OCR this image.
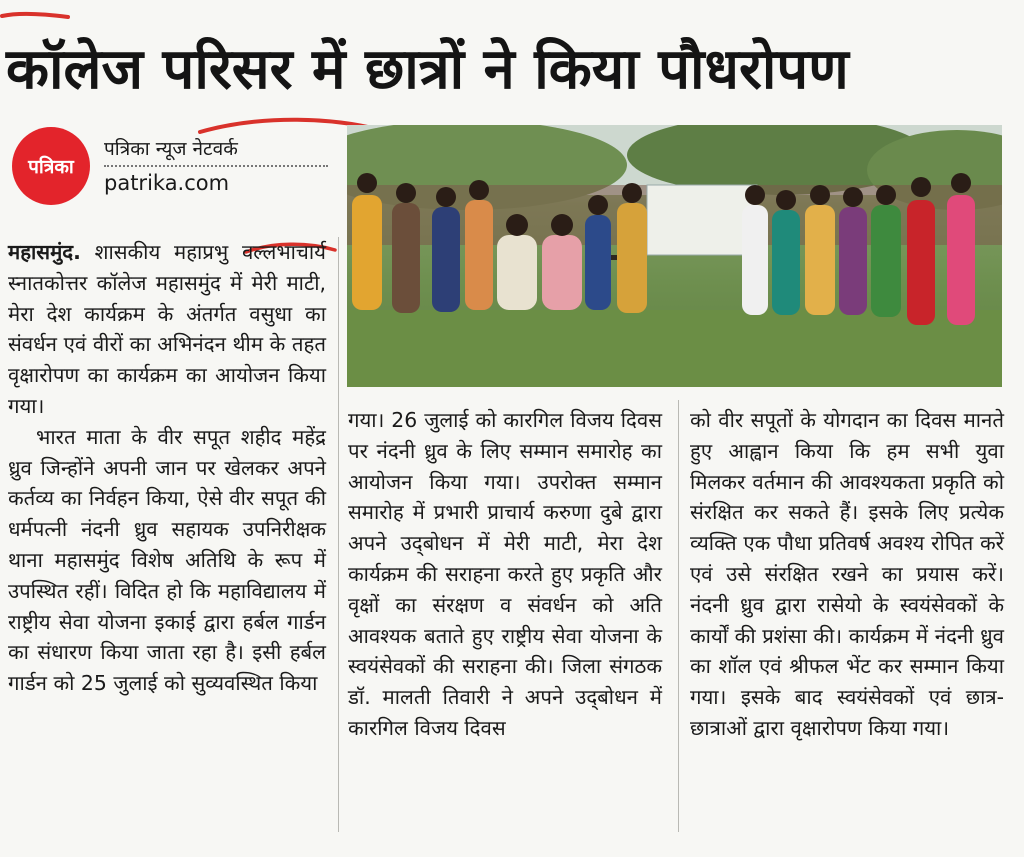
कॉलेज परिसर में छात्रों ने किया पौधरोपण
पत्रिका
पत्रिका न्यूज नेटवर्क
patrika.com

महासमुंद. शासकीय महाप्रभु वल्लभाचार्य स्नातकोत्तर कॉलेज महासमुंद में मेरी माटी, मेरा देश कार्यक्रम के अंतर्गत वसुधा का संवर्धन एवं वीरों का अभिनंदन थीम के तहत वृक्षारोपण का कार्यक्रम का आयोजन किया गया।

भारत माता के वीर सपूत शहीद महेंद्र ध्रुव जिन्होंने अपनी जान पर खेलकर अपने कर्तव्य का निर्वहन किया, ऐसे वीर सपूत की धर्मपत्नी नंदनी ध्रुव सहायक उपनिरीक्षक थाना महासमुंद विशेष अतिथि के रूप में उपस्थित रहीं। विदित हो कि महाविद्यालय में राष्ट्रीय सेवा योजना इकाई द्वारा हर्बल गार्डन का संधारण किया जाता रहा है। इसी हर्बल गार्डन को 25 जुलाई को सुव्यवस्थित किया

गया। 26 जुलाई को कारगिल विजय दिवस पर नंदनी ध्रुव के लिए सम्मान समारोह का आयोजन किया गया। उपरोक्त सम्मान समारोह में प्रभारी प्राचार्य करुणा दुबे द्वारा अपने उद्‍बोधन में मेरी माटी, मेरा देश कार्यक्रम की सराहना करते हुए प्रकृति और वृक्षों का संरक्षण व संवर्धन को अति आवश्यक बताते हुए राष्ट्रीय सेवा योजना के स्वयंसेवकों की सराहना की। जिला संगठक डॉ. मालती तिवारी ने अपने उद्‍बोधन में कारगिल विजय दिवस

को वीर सपूतों के योगदान का दिवस मानते हुए आह्वान किया कि हम सभी युवा मिलकर वर्तमान की आवश्यकता प्रकृति को संरक्षित कर सकते हैं। इसके लिए प्रत्येक व्यक्ति एक पौधा प्रतिवर्ष अवश्य रोपित करें एवं उसे संरक्षित रखने का प्रयास करें। नंदनी ध्रुव द्वारा रासेयो के स्वयंसेवकों के कार्यों की प्रशंसा की। कार्यक्रम में नंदनी ध्रुव का शॉल एवं श्रीफल भेंट कर सम्मान किया गया। इसके बाद स्वयंसेवकों एवं छात्र-छात्राओं द्वारा वृक्षारोपण किया गया।
